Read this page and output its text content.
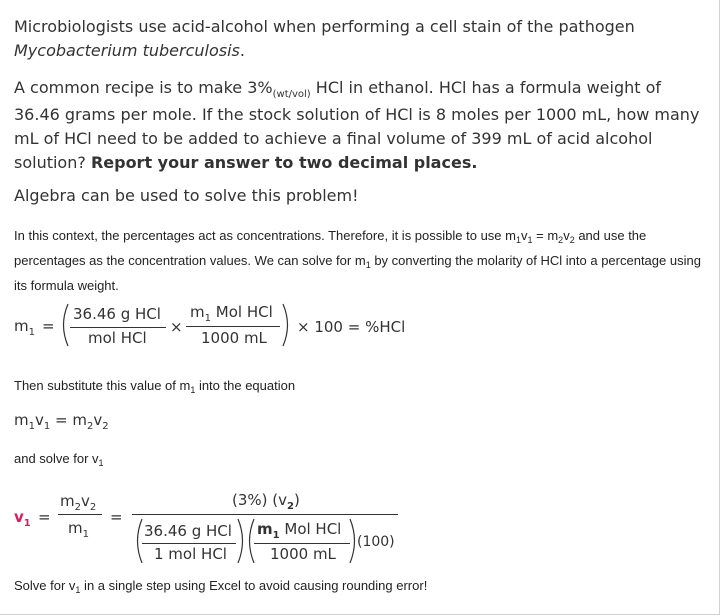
Microbiologists use acid-alcohol when performing a cell stain of the pathogen
Mycobacterium tuberculosis.
A common recipe is to make $3\%_{(wt/vol)}$ HCl in ethanol. HCl has a formula weight of 36.46 grams per mole. If the stock solution of HCl is 8 moles per 1000 mL, how many mL of HCl need to be added to achieve a final volume of 399 mL of acid alcohol solution? Report your answer to two decimal places.
Algebra can be used to solve this problem!
In this context, the percentages act as concentrations. Therefore, it is possible to use $m_1v_1 = m_2v_2$ and use the percentages as the concentration values. We can solve for $m_1$ by converting the molarity of HCl into a percentage using its formula weight.
$m_1$ =
36.46 g HCl
mol HCl
×
$m_1$ Mol HCl
1000 mL
× 100 = %HCl
Then substitute this value of $m_1$ into the equation
$m_1v_1 = m_2v_2$
and solve for $v_1$
$v_1$ =
$m_2v_2$
$m_1$
=
(3%) $(v_2)$
36.46 g HCl
1 mol HCl
$m_1$ Mol HCl
1000 mL
(100)
Solve for $v_1$ in a single step using Excel to avoid causing rounding error!
